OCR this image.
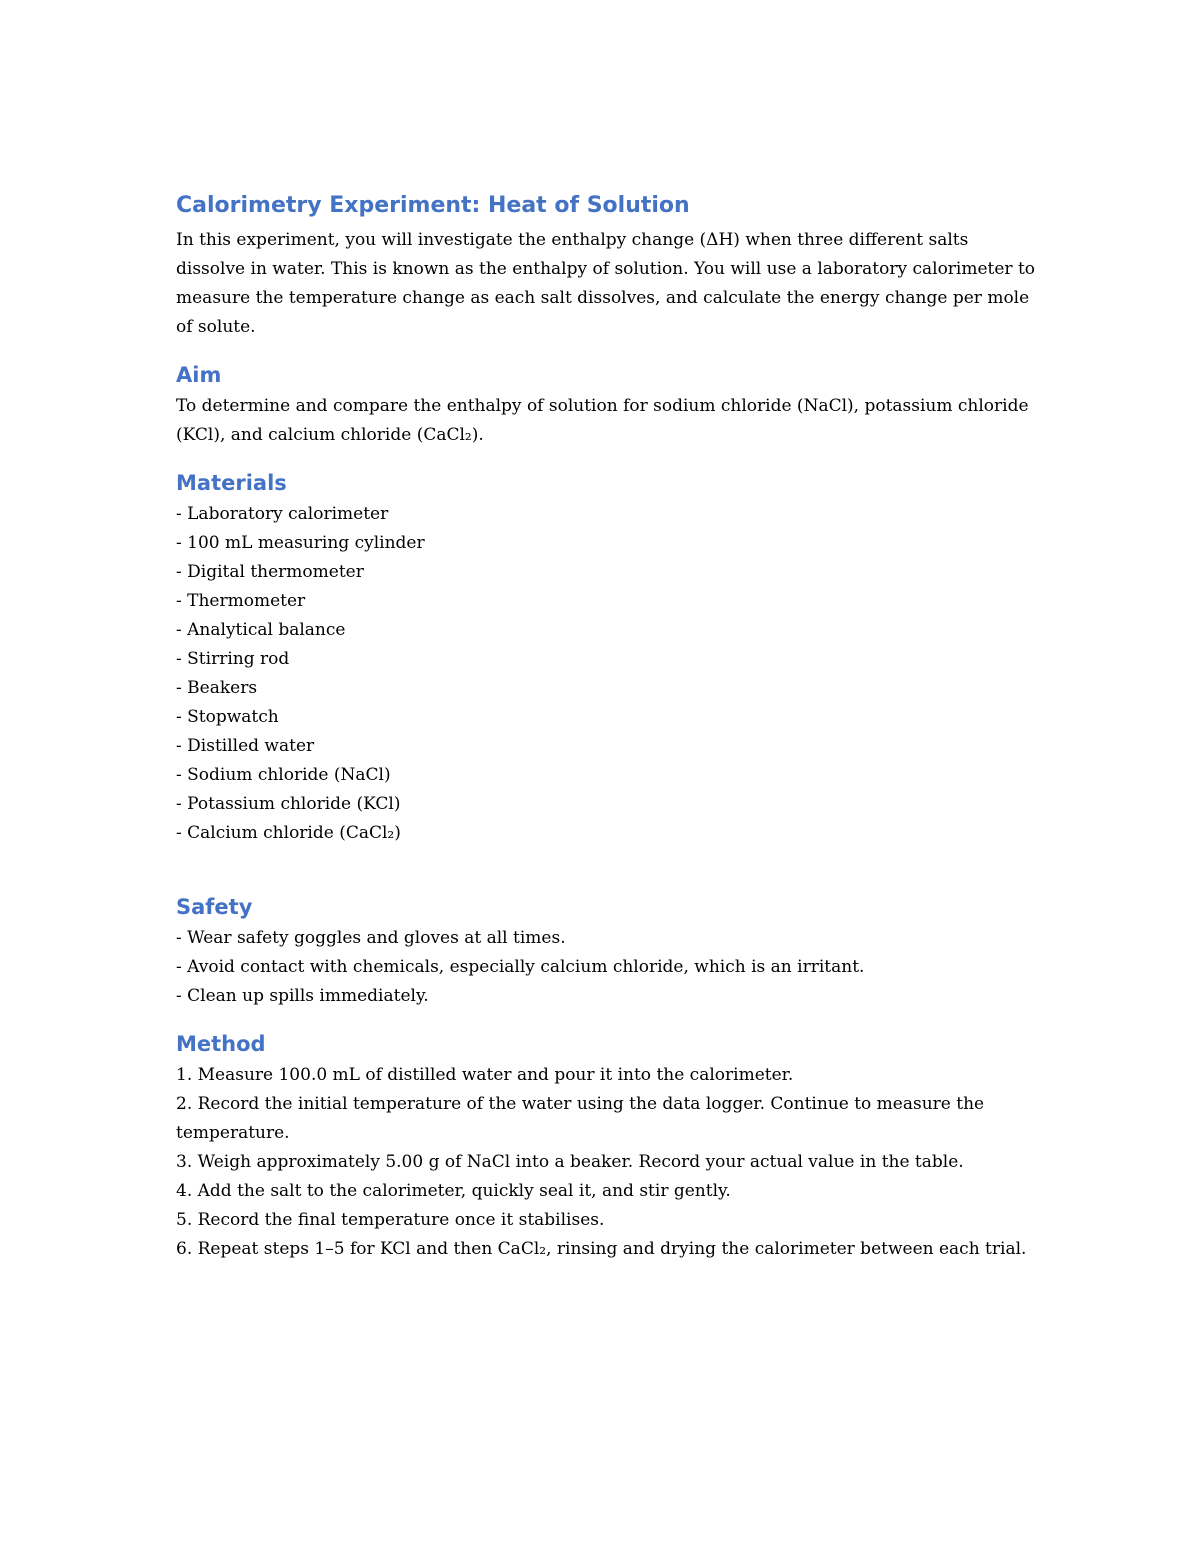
Calorimetry Experiment: Heat of Solution

In this experiment, you will investigate the enthalpy change (ΔH) when three different salts dissolve in water. This is known as the enthalpy of solution. You will use a laboratory calorimeter to measure the temperature change as each salt dissolves, and calculate the energy change per mole of solute.

Aim

To determine and compare the enthalpy of solution for sodium chloride (NaCl), potassium chloride (KCl), and calcium chloride (CaCl₂).

Materials

- Laboratory calorimeter

- 100 mL measuring cylinder

- Digital thermometer

- Thermometer

- Analytical balance

- Stirring rod

- Beakers

- Stopwatch

- Distilled water

- Sodium chloride (NaCl)

- Potassium chloride (KCl)

- Calcium chloride (CaCl₂)

Safety

- Wear safety goggles and gloves at all times.

- Avoid contact with chemicals, especially calcium chloride, which is an irritant.

- Clean up spills immediately.

Method

1. Measure 100.0 mL of distilled water and pour it into the calorimeter.

2. Record the initial temperature of the water using the data logger. Continue to measure the temperature.

3. Weigh approximately 5.00 g of NaCl into a beaker. Record your actual value in the table.

4. Add the salt to the calorimeter, quickly seal it, and stir gently.

5. Record the final temperature once it stabilises.

6. Repeat steps 1–5 for KCl and then CaCl₂, rinsing and drying the calorimeter between each trial.
